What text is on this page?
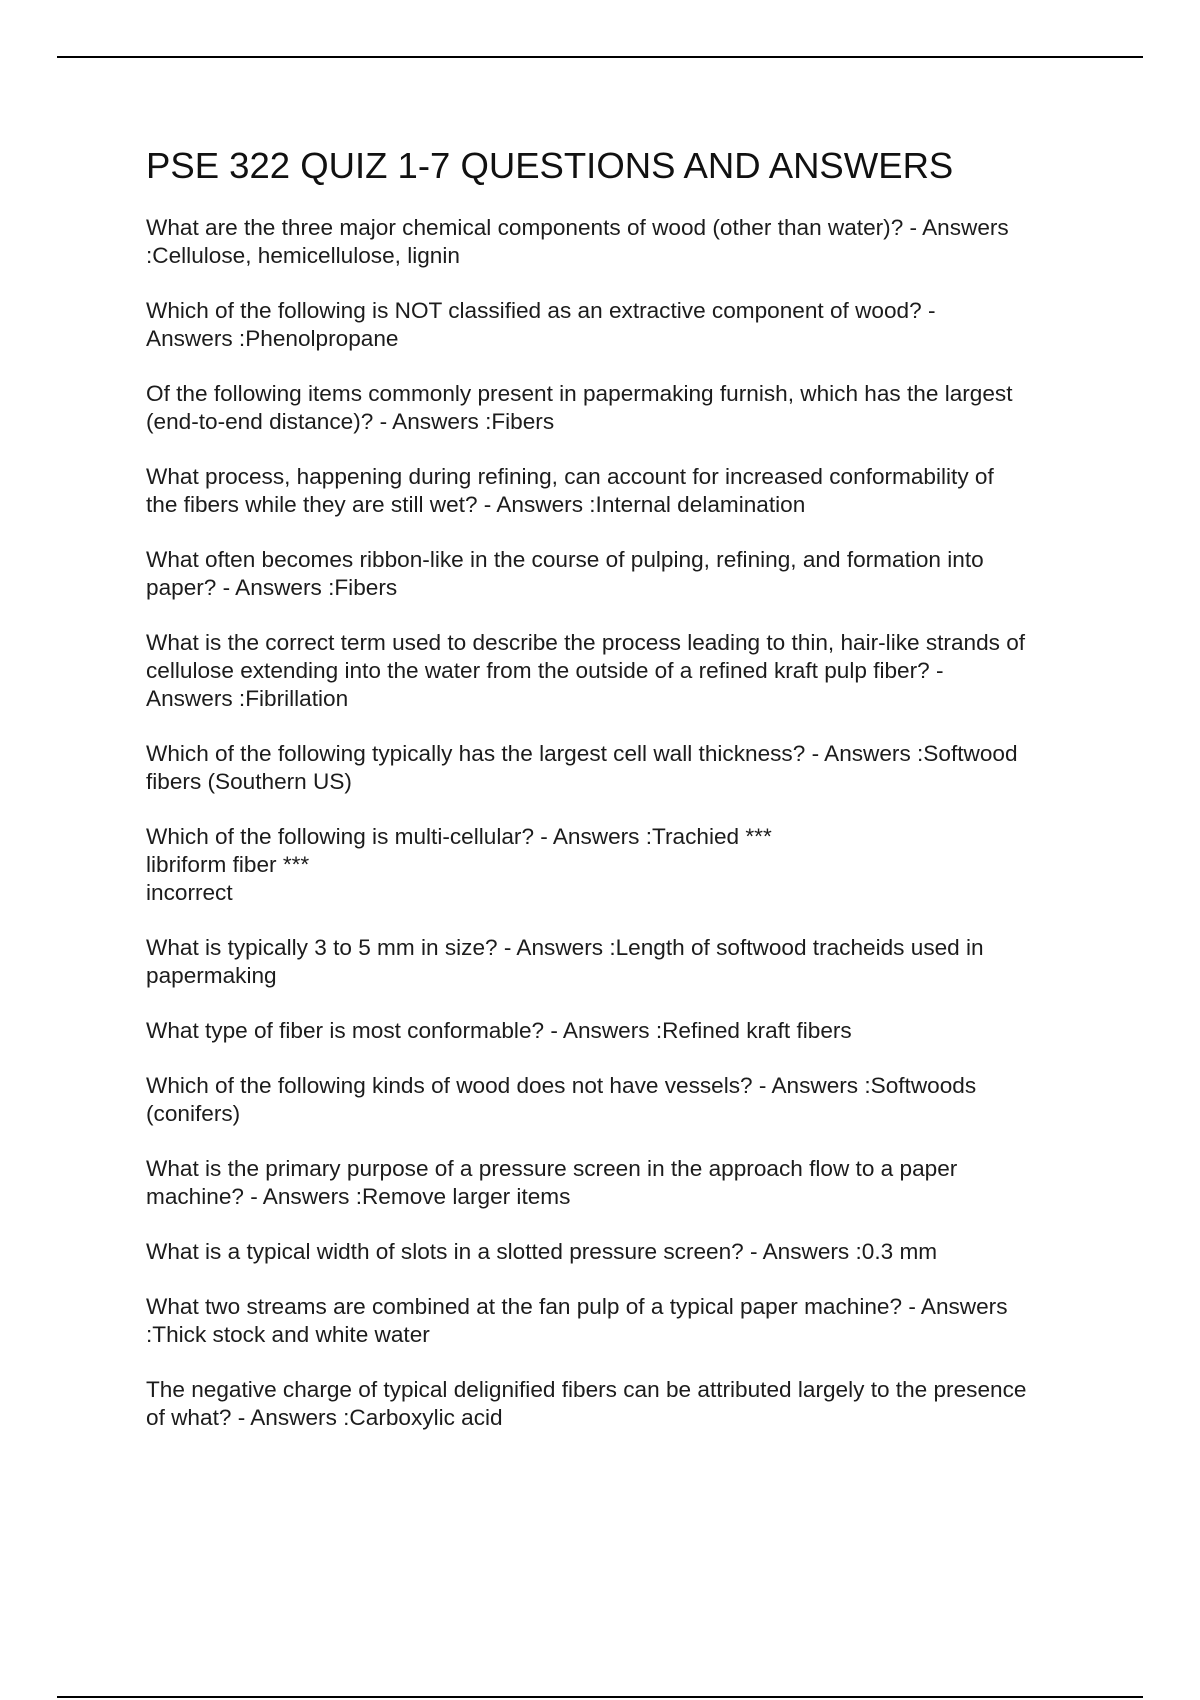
PSE 322 QUIZ 1-7 QUESTIONS AND ANSWERS
What are the three major chemical components of wood (other than water)? - Answers
:Cellulose, hemicellulose, lignin
Which of the following is NOT classified as an extractive component of wood? -
Answers :Phenolpropane
Of the following items commonly present in papermaking furnish, which has the largest
(end-to-end distance)? - Answers :Fibers
What process, happening during refining, can account for increased conformability of
the fibers while they are still wet? - Answers :Internal delamination
What often becomes ribbon-like in the course of pulping, refining, and formation into
paper? - Answers :Fibers
What is the correct term used to describe the process leading to thin, hair-like strands of
cellulose extending into the water from the outside of a refined kraft pulp fiber? -
Answers :Fibrillation
Which of the following typically has the largest cell wall thickness? - Answers :Softwood
fibers (Southern US)
Which of the following is multi-cellular? - Answers :Trachied ***
libriform fiber ***
incorrect
What is typically 3 to 5 mm in size? - Answers :Length of softwood tracheids used in
papermaking
What type of fiber is most conformable? - Answers :Refined kraft fibers
Which of the following kinds of wood does not have vessels? - Answers :Softwoods
(conifers)
What is the primary purpose of a pressure screen in the approach flow to a paper
machine? - Answers :Remove larger items
What is a typical width of slots in a slotted pressure screen? - Answers :0.3 mm
What two streams are combined at the fan pulp of a typical paper machine? - Answers
:Thick stock and white water
The negative charge of typical delignified fibers can be attributed largely to the presence
of what? - Answers :Carboxylic acid
